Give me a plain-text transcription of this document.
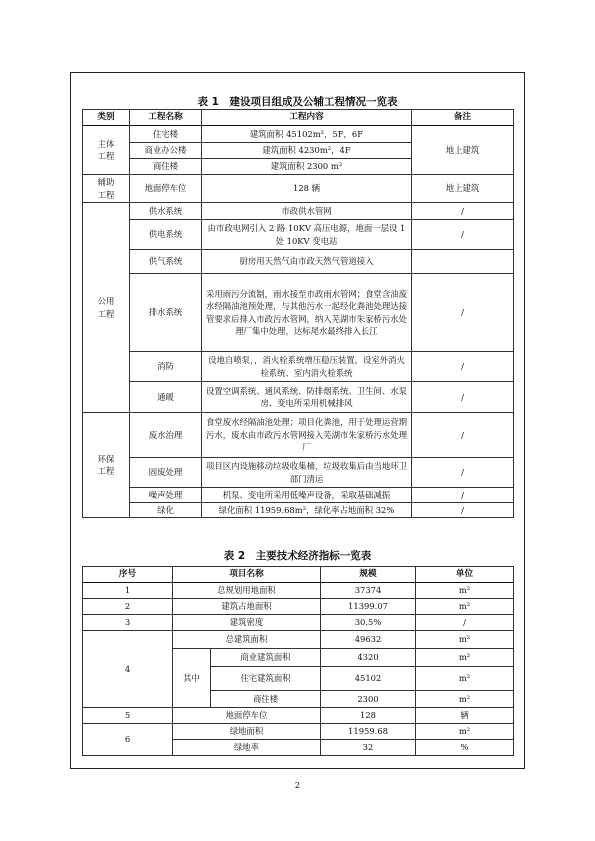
表 1　建设项目组成及公辅工程情况一览表
类别	工程名称	工程内容	备注
主体
工程	住宅楼	建筑面积 45102m²，5F，6F	地上建筑
	商业办公楼	建筑面积 4230m²，4F	
	商住楼	建筑面积 2300 m²	
辅助
工程	地面停车位	128 辆	地上建筑
公用
工程	供水系统	市政供水管网	/
	供电系统	由市政电网引入 2 路 10KV 高压电源，地面一层设 1 处 10KV 变电站	/
	供气系统	厨房用天然气由市政天然气管道接入	
	排水系统	采用雨污分流制，雨水接至市政雨水管网；食堂含油废水经隔油池预处理，与其他污水一起经化粪池处理达接管要求后排入市政污水管网，纳入芜湖市朱家桥污水处理厂集中处理，达标尾水最终排入长江	/
	消防	设地自喷泵，，消火栓系统增压稳压装置，设室外消火栓系统、室内消火栓系统	/
	通暖	设置空调系统、通风系统、防排烟系统。卫生间、水泵房、变电所采用机械排风	/
环保
工程	废水治理	食堂废水经隔油池处理；项目化粪池，用于处理运营期污水，废水由市政污水管网接入芜湖市朱家桥污水处理厂	/
	固废处理	项目区内设施移动垃圾收集桶，垃圾收集后由当地环卫部门清运	/
	噪声处理	机泵、变电所采用低噪声设备，采取基础减振	/
	绿化	绿化面积 11959.68m²，绿化率占地面积 32%	/
表 2　主要技术经济指标一览表
序号	项目名称		规模	单位
1	总规划用地面积		37374	m²
2	建筑占地面积		11399.07	m²
3	建筑密度		30.5%	/
4	总建筑面积		49632	m²
	其中	商业建筑面积	4320	m²
		住宅建筑面积	45102	m²
		商住楼	2300	m²
5	地面停车位		128	辆
6	绿地面积		11959.68	m²
	绿地率		32	%
2
